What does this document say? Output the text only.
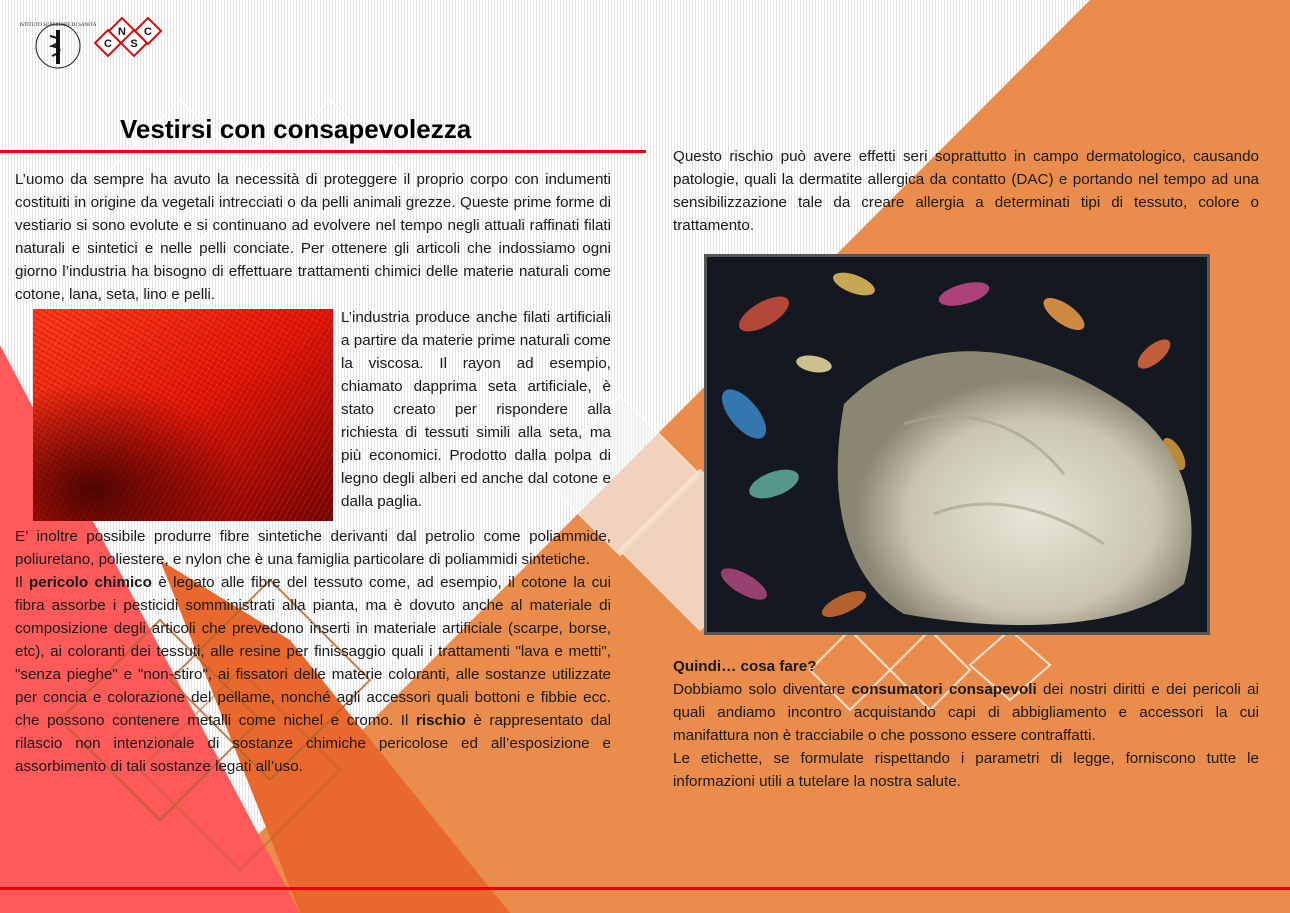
ISTITUTO SUPERIORE DI SANITÀ
C
N
S
C
Vestirsi con consapevolezza

L’uomo da sempre ha avuto la necessità di proteggere il proprio corpo con indumenti costituiti in origine da vegetali intrecciati o da pelli animali grezze. Queste prime forme di vestiario si sono evolute e si continuano ad evolvere nel tempo negli attuali raffinati filati naturali e sintetici e nelle pelli conciate. Per ottenere gli articoli che indossiamo ogni giorno l’industria ha bisogno di effettuare trattamenti chimici delle materie naturali come cotone, lana, seta, lino e pelli.

L’industria produce anche filati artificiali a partire da materie prime naturali come la viscosa. Il rayon ad esempio, chiamato dapprima seta artificiale, è stato creato per rispondere alla richiesta di tessuti simili alla seta, ma più economici. Prodotto dalla polpa di legno degli alberi ed anche dal cotone e dalla paglia.

E’ inoltre possibile produrre fibre sintetiche derivanti dal petrolio come poliammide, poliuretano, poliestere, e nylon che è una famiglia particolare di poliammidi sintetiche.

Il pericolo chimico è legato alle fibre del tessuto come, ad esempio, il cotone la cui fibra assorbe i pesticidi somministrati alla pianta, ma è dovuto anche al materiale di composizione degli articoli che prevedono inserti in materiale artificiale (scarpe, borse, etc), ai coloranti dei tessuti, alle resine per finissaggio quali i trattamenti "lava e metti", "senza pieghe" e "non-stiro", ai fissatori delle materie coloranti, alle sostanze utilizzate per concia e colorazione del pellame, nonché agli accessori quali bottoni e fibbie ecc. che possono contenere metalli come nichel e cromo. Il rischio è rappresentato dal rilascio non intenzionale di sostanze chimiche pericolose ed all’esposizione e assorbimento di tali sostanze legati all’uso.

Questo rischio può avere effetti seri soprattutto in campo dermatologico, causando patologie, quali la dermatite allergica da contatto (DAC) e portando nel tempo ad una sensibilizzazione tale da creare allergia a determinati tipi di tessuto, colore o trattamento.

Quindi… cosa fare?

Dobbiamo solo diventare consumatori consapevoli dei nostri diritti e dei pericoli ai quali andiamo incontro acquistando capi di abbigliamento e accessori la cui manifattura non è tracciabile o che possono essere contraffatti.

Le etichette, se formulate rispettando i parametri di legge, forniscono tutte le informazioni utili a tutelare la nostra salute.
